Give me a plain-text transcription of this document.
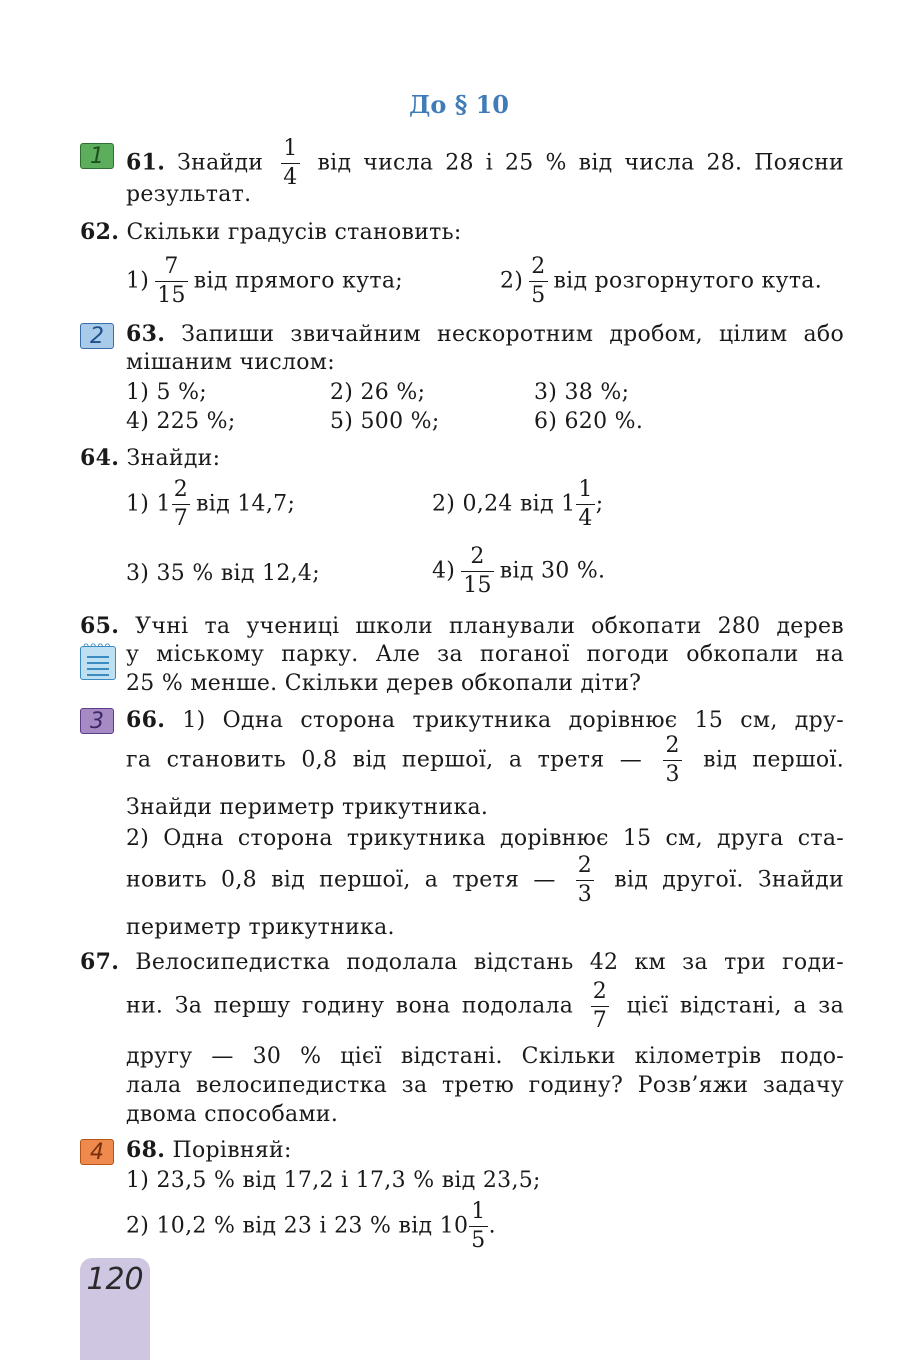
До § 10
1	61. Знайди $\frac{1}{4}$ від числа 28 і 25 % від числа 28. Поясни
результат.
62. Скільки градусів становить:
$1) \frac{7}{15}$ від прямого кута;	$2) \frac{2}{5}$ від розгорнутого кута.
2	63. Запиши звичайним нескоротним дробом, цілим або
мішаним числом:
1) 5 %;	2) 26 %;	3) 38 %;
4) 225 %;	5) 500 %;	6) 620 %.
64. Знайди:
1) $1 \frac{2}{7}$ від 14,7;	2) 0,24 від $1 \frac{1}{4}$ ;
3) 35 % від 12,4;	$4) \frac{2}{15}$ від 30 %.
65. Учні та учениці школи планували обкопати 280 дерев
ᴖᴖᴖᴖ у міському парку. Але за поганої погоди обкопали на
25 % менше. Скільки дерев обкопали діти?
3	66. 1) Одна сторона трикутника дорівнює 15 см, дру-
га становить 0,8 від першої, а третя — $\frac{2}{3}$ від першої.
Знайди периметр трикутника.
2) Одна сторона трикутника дорівнює 15 см, друга ста-
новить 0,8 від першої, а третя — $\frac{2}{3}$ від другої. Знайди
периметр трикутника.
67. Велосипедистка подолала відстань 42 км за три годи-
ни. За першу годину вона подолала $\frac{2}{7}$ цієї відстані, а за
другу — 30 % цієї відстані. Скільки кілометрів подо-
лала велосипедистка за третю годину? Розв’яжи задачу
двома способами.
4	68. Порівняй:
1) 23,5 % від 17,2 і 17,3 % від 23,5;
2) 10,2 % від 23 і 23 % від $10 \frac{1}{5}$ .
120
